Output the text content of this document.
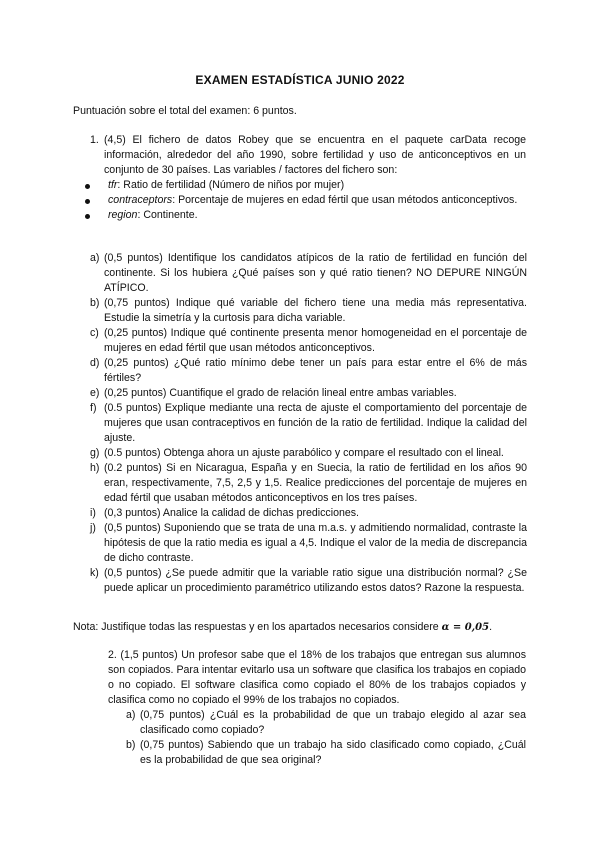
EXAMEN ESTADÍSTICA JUNIO 2022
Puntuación sobre el total del examen: 6 puntos.
1. (4,5) El fichero de datos Robey que se encuentra en el paquete carData recoge información, alrededor del año 1990, sobre fertilidad y uso de anticonceptivos en un conjunto de 30 países. Las variables / factores del fichero son:
tfr: Ratio de fertilidad (Número de niños por mujer)
contraceptors: Porcentaje de mujeres en edad fértil que usan métodos anticonceptivos.
region: Continente.
a) (0,5 puntos) Identifique los candidatos atípicos de la ratio de fertilidad en función del continente. Si los hubiera ¿Qué países son y qué ratio tienen? NO DEPURE NINGÚN ATÍPICO.
b) (0,75 puntos) Indique qué variable del fichero tiene una media más representativa. Estudie la simetría y la curtosis para dicha variable.
c) (0,25 puntos) Indique qué continente presenta menor homogeneidad en el porcentaje de mujeres en edad fértil que usan métodos anticonceptivos.
d) (0,25 puntos) ¿Qué ratio mínimo debe tener un país para estar entre el 6% de más fértiles?
e) (0,25 puntos) Cuantifique el grado de relación lineal entre ambas variables.
f) (0.5 puntos) Explique mediante una recta de ajuste el comportamiento del porcentaje de mujeres que usan contraceptivos en función de la ratio de fertilidad. Indique la calidad del ajuste.
g) (0.5 puntos) Obtenga ahora un ajuste parabólico y compare el resultado con el lineal.
h) (0.2 puntos) Si en Nicaragua, España y en Suecia, la ratio de fertilidad en los años 90 eran, respectivamente, 7,5, 2,5 y 1,5. Realice predicciones del porcentaje de mujeres en edad fértil que usaban métodos anticonceptivos en los tres países.
i) (0,3 puntos) Analice la calidad de dichas predicciones.
j) (0,5 puntos) Suponiendo que se trata de una m.a.s. y admitiendo normalidad, contraste la hipótesis de que la ratio media es igual a 4,5. Indique el valor de la media de discrepancia de dicho contraste.
k) (0,5 puntos) ¿Se puede admitir que la variable ratio sigue una distribución normal? ¿Se puede aplicar un procedimiento paramétrico utilizando estos datos? Razone la respuesta.
Nota: Justifique todas las respuestas y en los apartados necesarios considere α = 0,05.
2. (1,5 puntos) Un profesor sabe que el 18% de los trabajos que entregan sus alumnos son copiados. Para intentar evitarlo usa un software que clasifica los trabajos en copiado o no copiado. El software clasifica como copiado el 80% de los trabajos copiados y clasifica como no copiado el 99% de los trabajos no copiados.
a) (0,75 puntos) ¿Cuál es la probabilidad de que un trabajo elegido al azar sea clasificado como copiado?
b) (0,75 puntos) Sabiendo que un trabajo ha sido clasificado como copiado, ¿Cuál es la probabilidad de que sea original?
